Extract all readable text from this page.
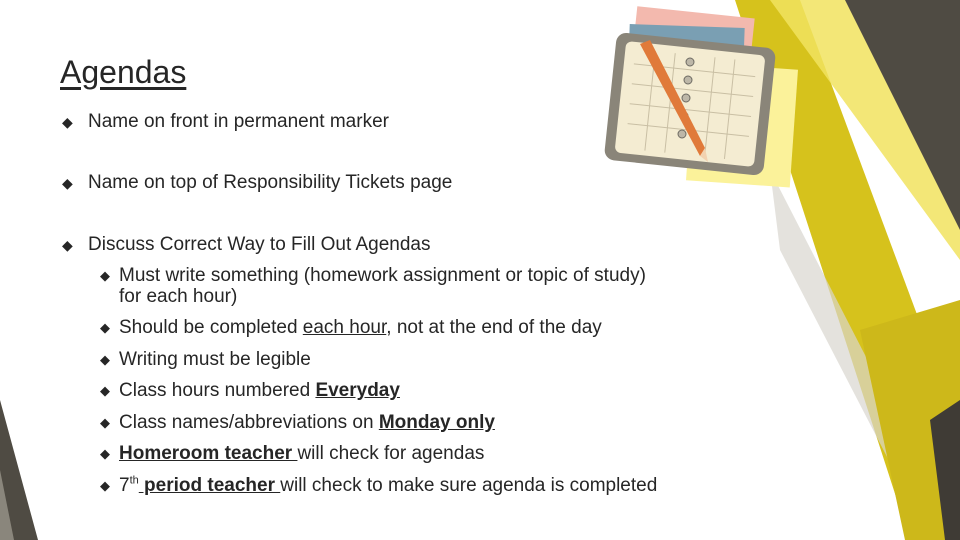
Agendas
◆ Name on front in permanent marker
◆ Name on top of Responsibility Tickets page
◆ Discuss Correct Way to Fill Out Agendas
◆ Must write something (homework assignment or topic of study) for each hour)
◆ Should be completed each hour, not at the end of the day
◆ Writing must be legible
◆ Class hours numbered Everyday
◆ Class names/abbreviations on Monday only
◆ Homeroom teacher will check for agendas
◆ 7th period teacher will check to make sure agenda is completed
